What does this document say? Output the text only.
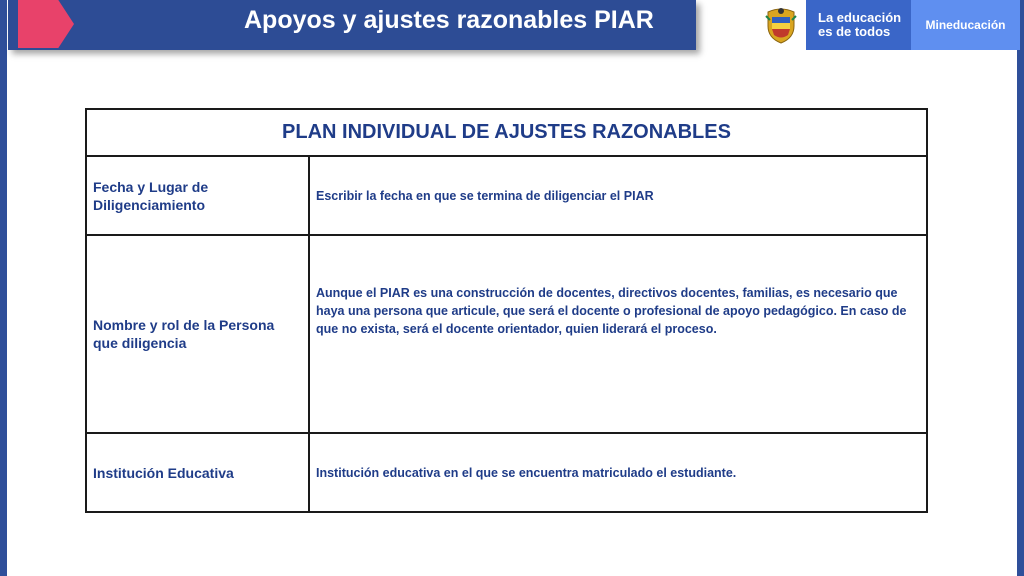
Apoyos y ajustes razonables PIAR	La educación
es de todos	Mineducación
PLAN INDIVIDUAL DE AJUSTES RAZONABLES	
Fecha y Lugar de Diligenciamiento	Escribir la fecha en que se termina de diligenciar el PIAR
Nombre y rol de la Persona que diligencia	Aunque el PIAR es una construcción de docentes, directivos docentes, familias, es necesario que haya una persona que articule, que será el docente o profesional de apoyo pedagógico. En caso de que no exista, será el docente orientador, quien liderará el proceso.
Institución Educativa	Institución educativa en el que se encuentra matriculado el estudiante.
